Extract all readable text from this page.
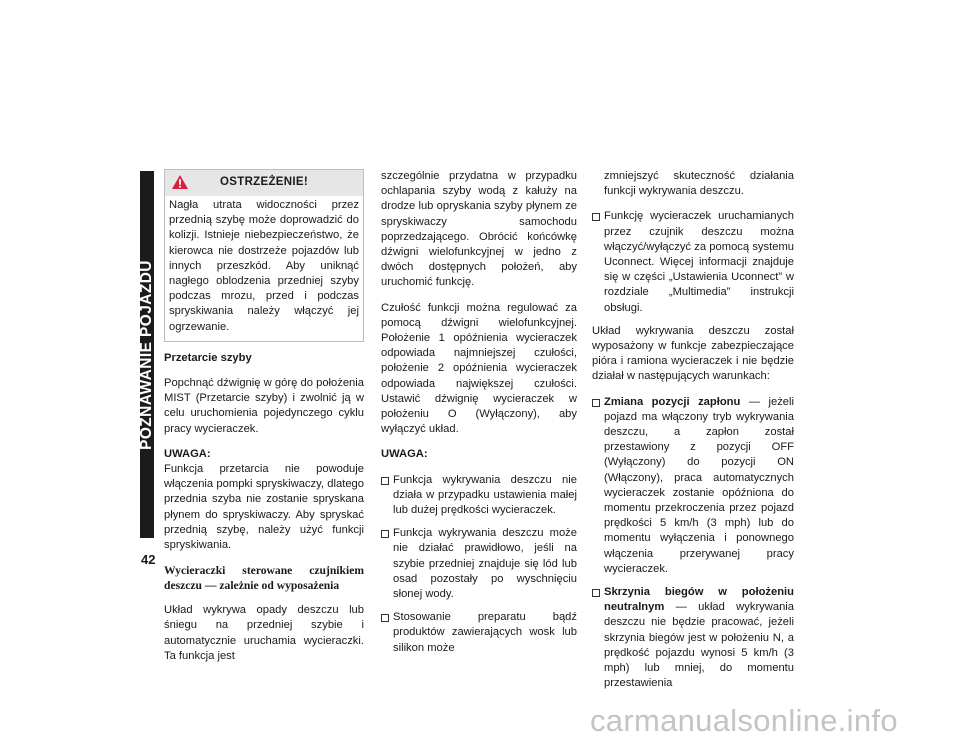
POZNAWANIE POJAZDU
42
OSTRZEŻENIE!
Nagła utrata widoczności przez przednią szybę może doprowadzić do kolizji. Istnieje niebezpieczeństwo, że kierowca nie dostrzeże pojazdów lub innych przeszkód. Aby uniknąć nagłego oblodzenia przedniej szyby podczas mrozu, przed i podczas spryskiwania należy włączyć jej ogrzewanie.

Przetarcie szyby

Popchnąć dźwignię w górę do położenia MIST (Przetarcie szyby) i zwolnić ją w celu uruchomienia pojedynczego cyklu pracy wycieraczek.

UWAGA:

Funkcja przetarcia nie powoduje włączenia pompki spryskiwaczy, dlatego przednia szyba nie zostanie spryskana płynem do spryskiwaczy. Aby spryskać przednią szybę, należy użyć funkcji spryskiwania.

Wycieraczki sterowane czujnikiem deszczu — zależnie od wyposażenia

Układ wykrywa opady deszczu lub śniegu na przedniej szybie i automatycznie uruchamia wycieraczki. Ta funkcja jest

szczególnie przydatna w przypadku ochlapania szyby wodą z kałuży na drodze lub opryskania szyby płynem ze spryskiwaczy samochodu poprzedzającego. Obrócić końcówkę dźwigni wielofunkcyjnej w jedno z dwóch dostępnych położeń, aby uruchomić funkcję.

Czułość funkcji można regulować za pomocą dźwigni wielofunkcyjnej. Położenie 1 opóźnienia wycieraczek odpowiada najmniejszej czułości, położenie 2 opóźnienia wycieraczek odpowiada największej czułości. Ustawić dźwignię wycieraczek w położeniu O (Wyłączony), aby wyłączyć układ.

UWAGA:

Funkcja wykrywania deszczu nie działa w przypadku ustawienia małej lub dużej prędkości wycieraczek.
Funkcja wykrywania deszczu może nie działać prawidłowo, jeśli na szybie przedniej znajduje się lód lub osad pozostały po wyschnięciu słonej wody.
Stosowanie preparatu bądź produktów zawierających wosk lub silikon może

zmniejszyć skuteczność działania funkcji wykrywania deszczu.

Funkcję wycieraczek uruchamianych przez czujnik deszczu można włączyć/wyłączyć za pomocą systemu Uconnect. Więcej informacji znajduje się w części „Ustawienia Uconnect” w rozdziale „Multimedia” instrukcji obsługi.

Układ wykrywania deszczu został wyposażony w funkcje zabezpieczające pióra i ramiona wycieraczek i nie będzie działał w następujących warunkach:

Zmiana pozycji zapłonu — jeżeli pojazd ma włączony tryb wykrywania deszczu, a zapłon został przestawiony z pozycji OFF (Wyłączony) do pozycji ON (Włączony), praca automatycznych wycieraczek zostanie opóźniona do momentu przekroczenia przez pojazd prędkości 5 km/h (3 mph) lub do momentu wyłączenia i ponownego włączenia przerywanej pracy wycieraczek.
Skrzynia biegów w położeniu neutralnym — układ wykrywania deszczu nie będzie pracować, jeżeli skrzynia biegów jest w położeniu N, a prędkość pojazdu wynosi 5 km/h (3 mph) lub mniej, do momentu przestawienia
carmanualsonline.info
